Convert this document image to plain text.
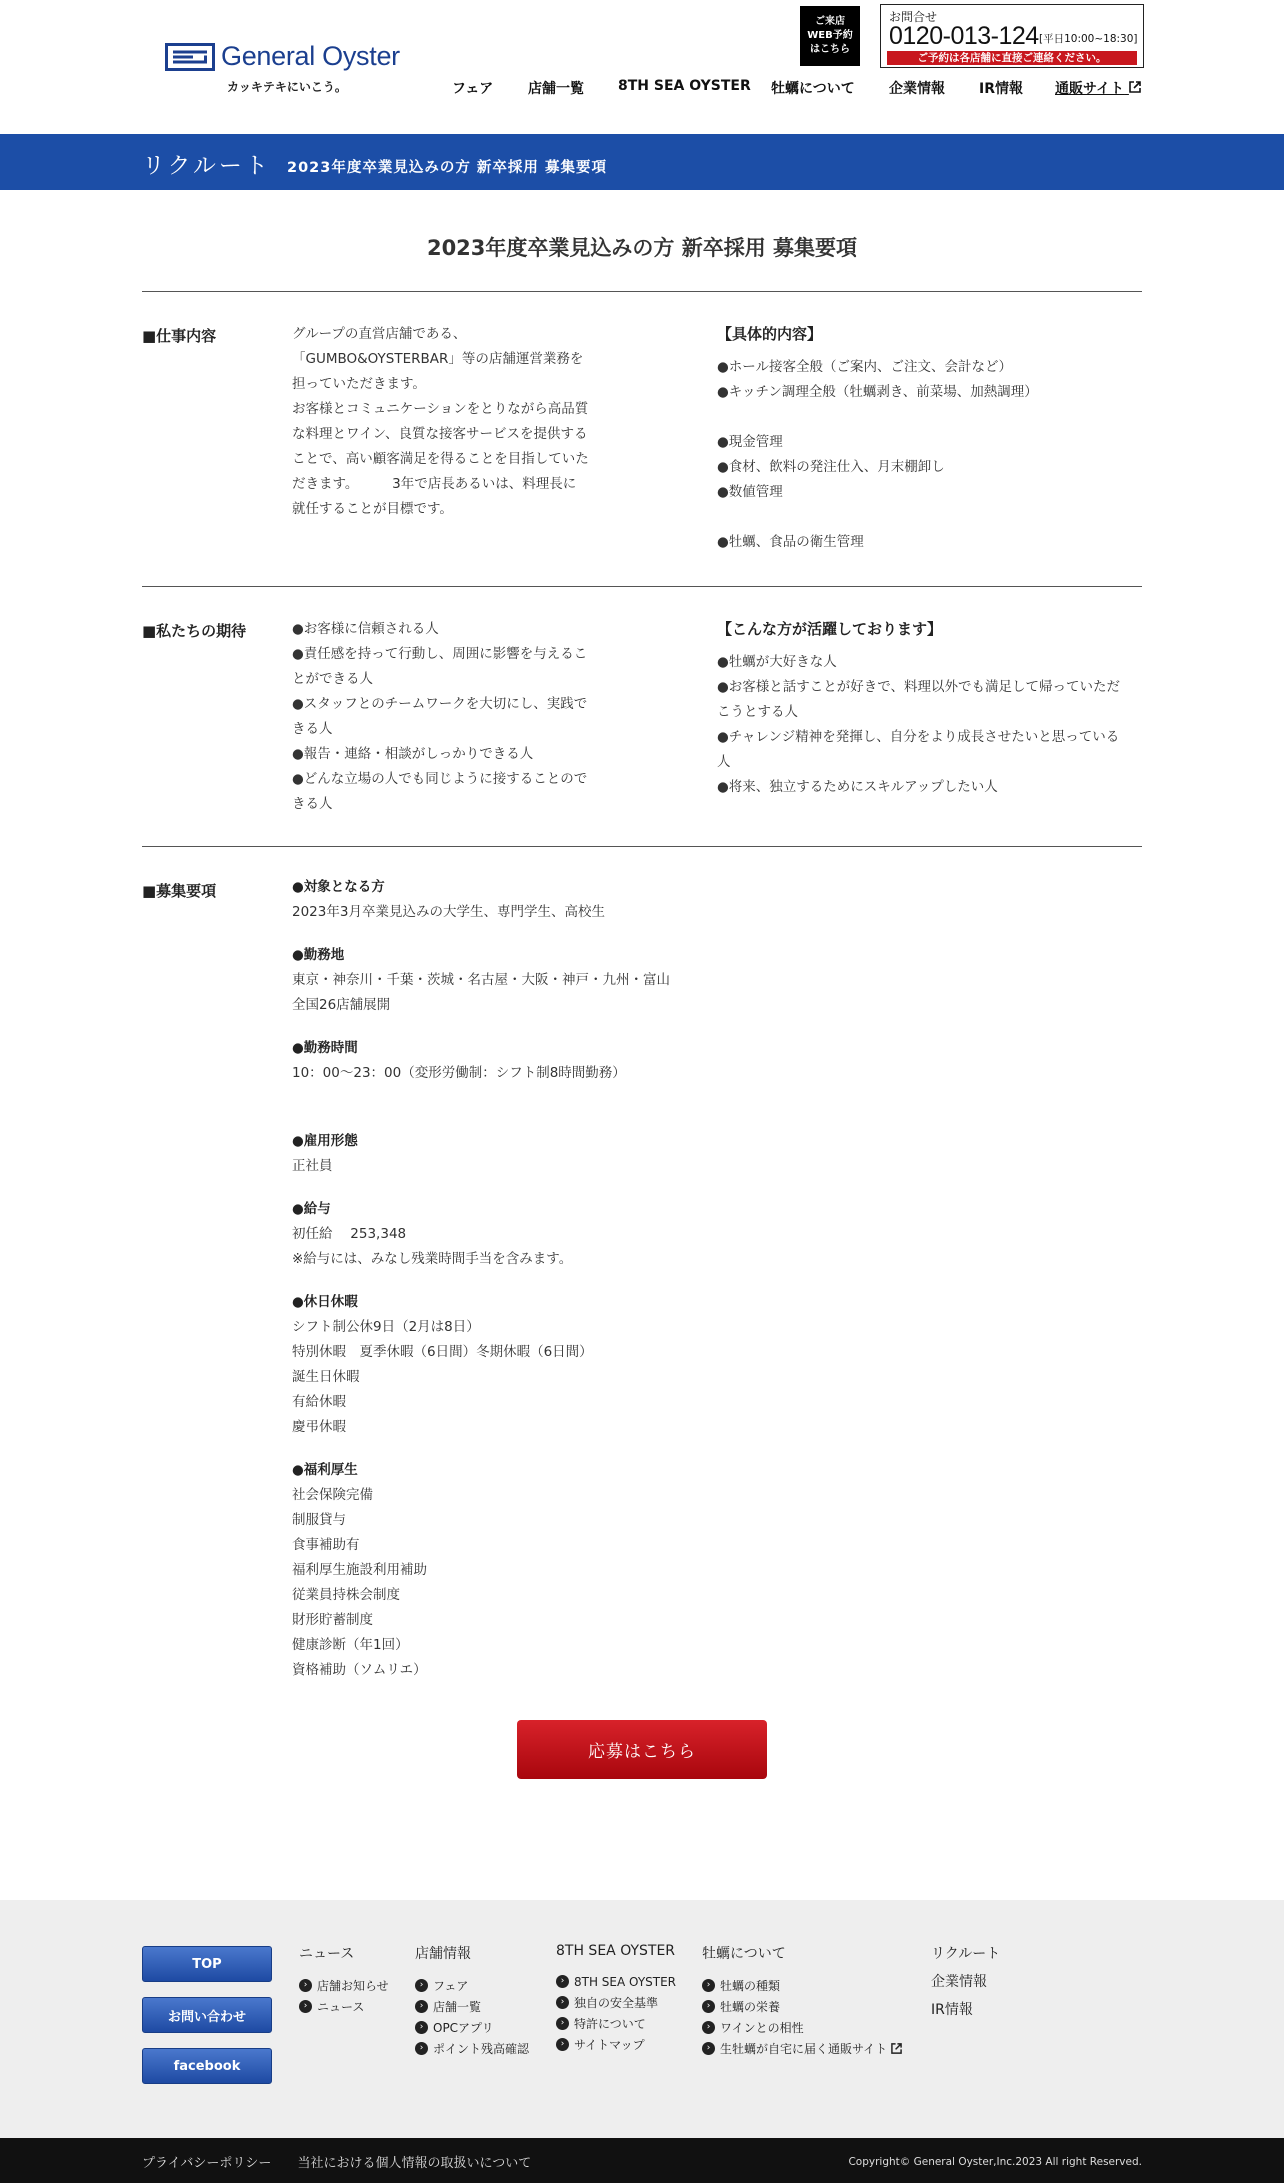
General Oyster
カッキテキにいこう。
ご来店
WEB予約
はこちら
お問合せ
0120-013-124 [平日10:00~18:30]
ご予約は各店舗に直接ご連絡ください。
フェア 店舗一覧 8TH SEA OYSTER 牡蠣について 企業情報 IR情報 通販サイト
リクルート 2023年度卒業見込みの方 新卒採用 募集要項
2023年度卒業見込みの方 新卒採用 募集要項
■仕事内容	グループの直営店舗である、

「GUMBO&OYSTERBAR」等の店舗運営業務を

担っていただきます。

お客様とコミュニケーションをとりながら高品質

な料理とワイン、良質な接客サービスを提供する

ことで、高い顧客満足を得ることを目指していた

だきます。　　　3年で店長あるいは、料理長に

就任することが目標です。

【具体的内容】

●ホール接客全般（ご案内、ご注文、会計など）

●キッチン調理全般（牡蠣剥き、前菜場、加熱調理）

●現金管理

●食材、飲料の発注仕入、月末棚卸し

●数値管理

●牡蠣、食品の衛生管理

■私たちの期待	●お客様に信頼される人

●責任感を持って行動し、周囲に影響を与えるこ

とができる人

●スタッフとのチームワークを大切にし、実践で

きる人

●報告・連絡・相談がしっかりできる人

●どんな立場の人でも同じように接することので

きる人

【こんな方が活躍しております】

●牡蠣が大好きな人

●お客様と話すことが好きで、料理以外でも満足して帰っていただ

こうとする人

●チャレンジ精神を発揮し、自分をより成長させたいと思っている

人

●将来、独立するためにスキルアップしたい人

■募集要項	●対象となる方

2023年3月卒業見込みの大学生、専門学生、高校生

●勤務地

東京・神奈川・千葉・茨城・名古屋・大阪・神戸・九州・富山

全国26店舗展開

●勤務時間

10：00～23：00（変形労働制：シフト制8時間勤務）

●雇用形態

正社員

●給与

初任給　 253,348

※給与には、みなし残業時間手当を含みます。

●休日休暇

シフト制公休9日（2月は8日）

特別休暇　夏季休暇（6日間）冬期休暇（6日間）

誕生日休暇

有給休暇

慶弔休暇

●福利厚生

社会保険完備

制服貸与

食事補助有

福利厚生施設利用補助

従業員持株会制度

財形貯蓄制度

健康診断（年1回）

資格補助（ソムリエ）

応募はこちら
TOP
お問い合わせ
facebook
ニュース
› 店舗お知らせ
› ニュース
店舗情報
› フェア
› 店舗一覧
› OPCアプリ
› ポイント残高確認
8TH SEA OYSTER
› 8TH SEA OYSTER
› 独自の安全基準
› 特許について
› サイトマップ
牡蠣について
› 牡蠣の種類
› 牡蠣の栄養
› ワインとの相性
› 生牡蠣が自宅に届く通販サイト

リクルート
企業情報
IR情報
プライバシーポリシー 当社における個人情報の取扱いについて	Copyright© General Oyster,Inc.2023 All right Reserved.
